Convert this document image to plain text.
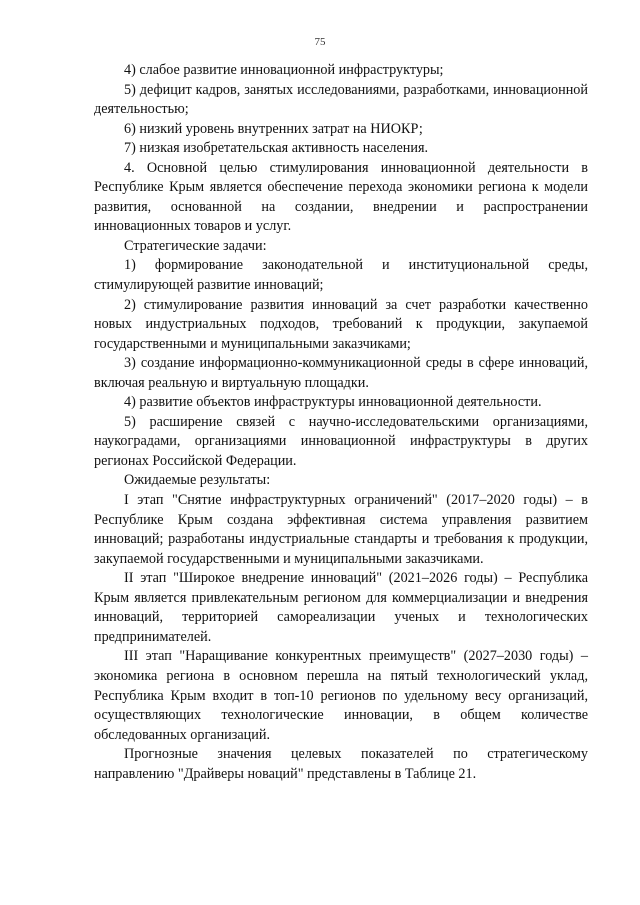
75

4) слабое развитие инновационной инфраструктуры;

5) дефицит кадров, занятых исследованиями, разработками, инновационной деятельностью;

6) низкий уровень внутренних затрат на НИОКР;

7) низкая изобретательская активность населения.

4. Основной целью стимулирования инновационной деятельности в Республике Крым является обеспечение перехода экономики региона к модели развития, основанной на создании, внедрении и распространении инновационных товаров и услуг.

Стратегические задачи:

1) формирование законодательной и институциональной среды, стимулирующей развитие инноваций;

2) стимулирование развития инноваций за счет разработки качественно новых индустриальных подходов, требований к продукции, закупаемой государственными и муниципальными заказчиками;

3) создание информационно-коммуникационной среды в сфере инноваций, включая реальную и виртуальную площадки.

4) развитие объектов инфраструктуры инновационной деятельности.

5) расширение связей с научно-исследовательскими организациями, наукоградами, организациями инновационной инфраструктуры в других регионах Российской Федерации.

Ожидаемые результаты:

I этап "Снятие инфраструктурных ограничений" (2017–2020 годы) – в Республике Крым создана эффективная система управления развитием инноваций; разработаны индустриальные стандарты и требования к продукции, закупаемой государственными и муниципальными заказчиками.

II этап "Широкое внедрение инноваций" (2021–2026 годы) – Республика Крым является привлекательным регионом для коммерциализации и внедрения инноваций, территорией самореализации ученых и технологических предпринимателей.

III этап "Наращивание конкурентных преимуществ" (2027–2030 годы) – экономика региона в основном перешла на пятый технологический уклад, Республика Крым входит в топ-10 регионов по удельному весу организаций, осуществляющих технологические инновации, в общем количестве обследованных организаций.

Прогнозные значения целевых показателей по стратегическому направлению "Драйверы новаций" представлены в Таблице 21.
